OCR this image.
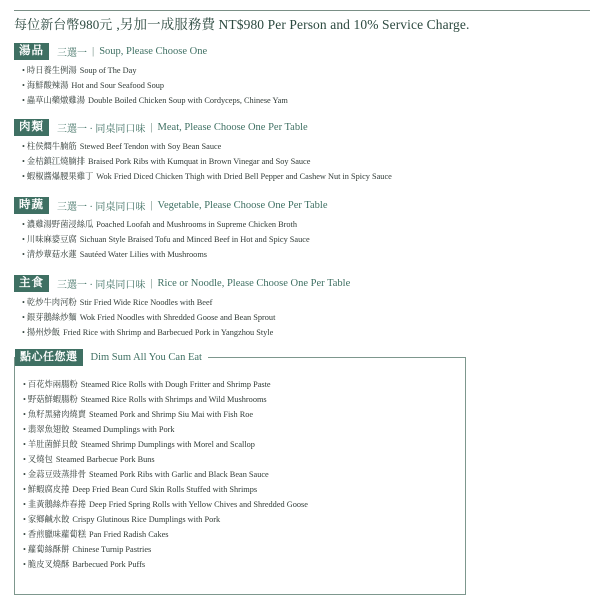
每位新台幣980元 ,另加一成服務費 NT$980 Per Person and 10% Service Charge.
湯品	三選一 | Soup, Please Choose One
• 時日養生例湯 Soup of The Day
• 海鮮酸辣湯 Hot and Sour Seafood Soup
• 蟲草山藥燉雞湯 Double Boiled Chicken Soup with Cordyceps, Chinese Yam
肉類	三選一 · 同桌同口味 | Meat, Please Choose One Per Table
• 柱侯燜牛腩筋 Stewed Beef Tendon with Soy Bean Sauce
• 金桔鎮江燒腩排 Braised Pork Ribs with Kumquat in Brown Vinegar and Soy Sauce
• 蝦椒醬爆腰果雞丁 Wok Fried Diced Chicken Thigh with Dried Bell Pepper and Cashew Nut in Spicy Sauce
時蔬	三選一 · 同桌同口味 | Vegetable, Please Choose One Per Table
• 濃雞湯野菌浸絲瓜 Poached Loofah and Mushrooms in Supreme Chicken Broth
• 川味麻婆豆腐 Sichuan Style Braised Tofu and Minced Beef in Hot and Spicy Sauce
• 清炒蕈菇水蓮 Sautéed Water Lilies with Mushrooms
主食	三選一 · 同桌同口味 | Rice or Noodle, Please Choose One Per Table
• 乾炒牛肉河粉 Stir Fried Wide Rice Noodles with Beef
• 銀芽鵝絲炒麵 Wok Fried Noodles with Shredded Goose and Bean Sprout
• 揚州炒飯 Fried Rice with Shrimp and Barbecued Pork in Yangzhou Style
點心任您選	Dim Sum All You Can Eat
• 百花炸兩腸粉 Steamed Rice Rolls with Dough Fritter and Shrimp Paste
• 野菇鮮蝦腸粉 Steamed Rice Rolls with Shrimps and Wild Mushrooms
• 魚籽黑豬肉燒賣 Steamed Pork and Shrimp Siu Mai with Fish Roe
• 翡翠魚翅餃 Steamed Dumplings with Pork
• 羊肚菌鮮貝餃 Steamed Shrimp Dumplings with Morel and Scallop
• 叉燒包 Steamed Barbecue Pork Buns
• 金蒜豆豉蒸排骨 Steamed Pork Ribs with Garlic and Black Bean Sauce
• 鮮蝦腐皮捲 Deep Fried Bean Curd Skin Rolls Stuffed with Shrimps
• 韭黃鵝絲炸春捲 Deep Fried Spring Rolls with Yellow Chives and Shredded Goose
• 家鄉鹹水餃 Crispy Glutinous Rice Dumplings with Pork
• 香煎臘味蘿蔔糕 Pan Fried Radish Cakes
• 蘿蔔絲酥餅 Chinese Turnip Pastries
• 脆皮叉燒酥 Barbecued Pork Puffs
